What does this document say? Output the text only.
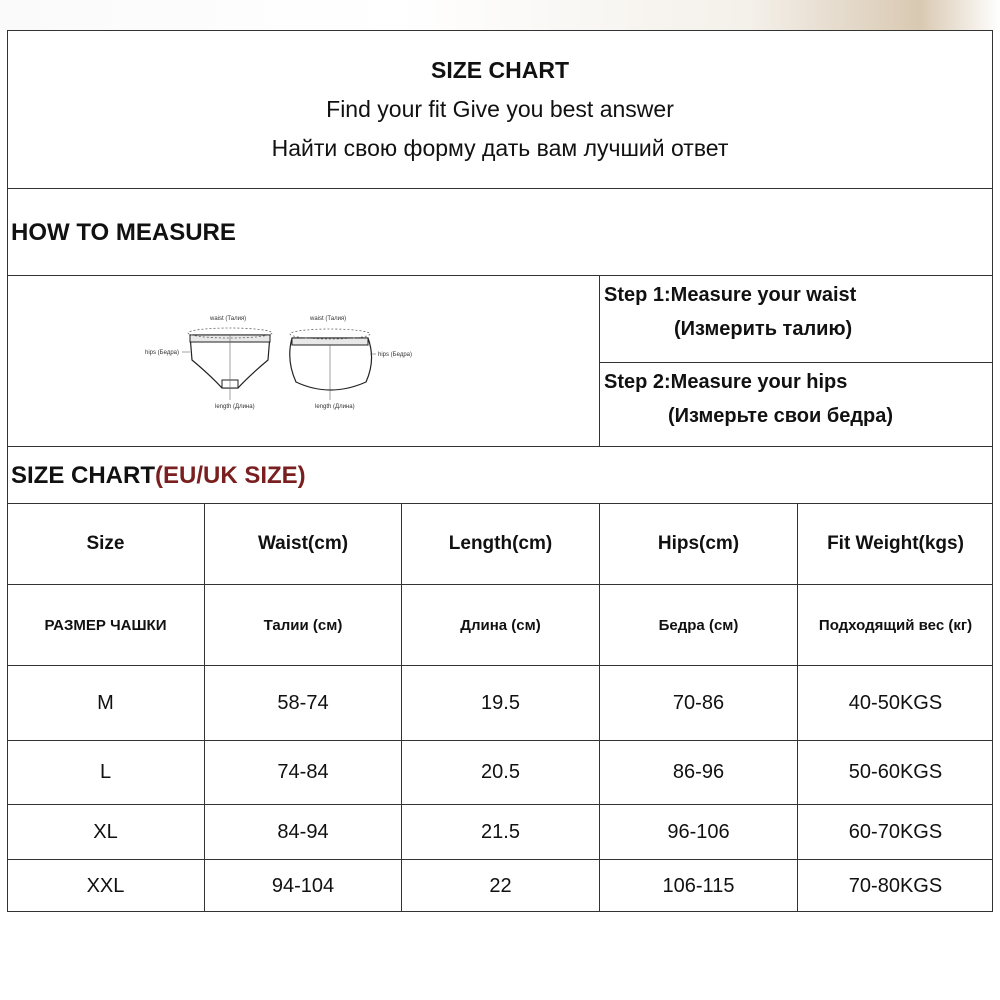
SIZE CHART
Find your fit Give you best answer
Найти свою форму дать вам лучший ответ
HOW TO MEASURE
waist (Талия)
hips (Бедра)
length (Длина)
waist (Талия)
hips (Бедра)
length (Длина)
Step 1:Measure your waist
(Измерить талию)
Step 2:Measure your hips
(Измерьте свои бедра)
SIZE CHART(EU/UK SIZE)
Size	Waist(cm)	Length(cm)	Hips(cm)	Fit Weight(kgs)
РАЗМЕР ЧАШКИ	Талии (см)	Длина (см)	Бедра (см)	Подходящий вес (кг)
M	58-74	19.5	70-86	40-50KGS
L	74-84	20.5	86-96	50-60KGS
XL	84-94	21.5	96-106	60-70KGS
XXL	94-104	22	106-115	70-80KGS
